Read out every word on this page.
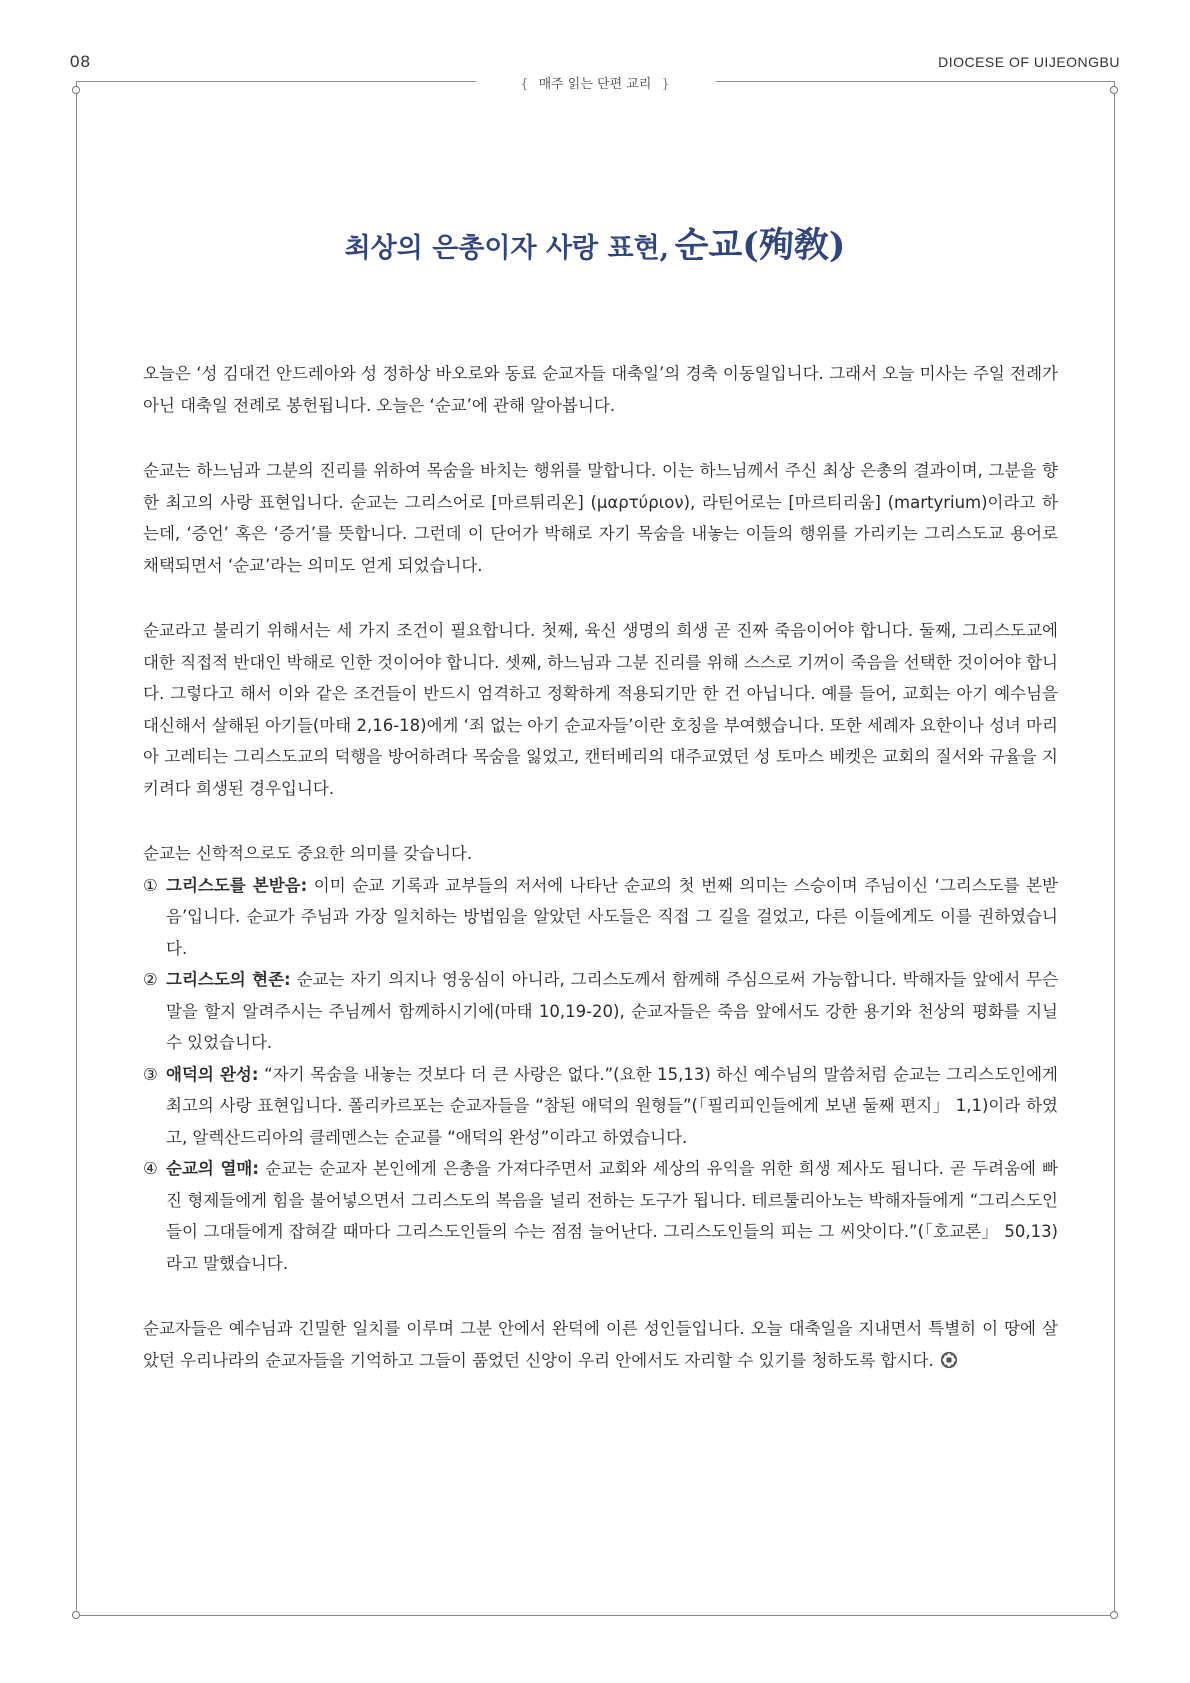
08	DIOCESE OF UIJEONGBU
{ 매주 읽는 단편 교리 }
최상의 은총이자 사랑 표현, 순교(殉敎)

오늘은 ‘성 김대건 안드레아와 성 정하상 바오로와 동료 순교자들 대축일’의 경축 이동일입니다. 그래서 오늘 미사는 주일 전례가 아닌 대축일 전례로 봉헌됩니다. 오늘은 ‘순교’에 관해 알아봅니다.

순교는 하느님과 그분의 진리를 위하여 목숨을 바치는 행위를 말합니다. 이는 하느님께서 주신 최상 은총의 결과이며, 그분을 향한 최고의 사랑 표현입니다. 순교는 그리스어로 [마르튀리온] (μαρτύριον), 라틴어로는 [마르티리움] (martyrium)이라고 하는데, ‘증언’ 혹은 ‘증거’를 뜻합니다. 그런데 이 단어가 박해로 자기 목숨을 내놓는 이들의 행위를 가리키는 그리스도교 용어로 채택되면서 ‘순교’라는 의미도 얻게 되었습니다.

순교라고 불리기 위해서는 세 가지 조건이 필요합니다. 첫째, 육신 생명의 희생 곧 진짜 죽음이어야 합니다. 둘째, 그리스도교에 대한 직접적 반대인 박해로 인한 것이어야 합니다. 셋째, 하느님과 그분 진리를 위해 스스로 기꺼이 죽음을 선택한 것이어야 합니다. 그렇다고 해서 이와 같은 조건들이 반드시 엄격하고 정확하게 적용되기만 한 건 아닙니다. 예를 들어, 교회는 아기 예수님을 대신해서 살해된 아기들(마태 2,16-18)에게 ‘죄 없는 아기 순교자들’이란 호칭을 부여했습니다. 또한 세례자 요한이나 성녀 마리아 고레티는 그리스도교의 덕행을 방어하려다 목숨을 잃었고, 캔터베리의 대주교였던 성 토마스 베켓은 교회의 질서와 규율을 지키려다 희생된 경우입니다.

순교는 신학적으로도 중요한 의미를 갖습니다.

① 그리스도를 본받음: 이미 순교 기록과 교부들의 저서에 나타난 순교의 첫 번째 의미는 스승이며 주님이신 ‘그리스도를 본받음’입니다. 순교가 주님과 가장 일치하는 방법임을 알았던 사도들은 직접 그 길을 걸었고, 다른 이들에게도 이를 권하였습니다.
② 그리스도의 현존: 순교는 자기 의지나 영웅심이 아니라, 그리스도께서 함께해 주심으로써 가능합니다. 박해자들 앞에서 무슨 말을 할지 알려주시는 주님께서 함께하시기에(마태 10,19-20), 순교자들은 죽음 앞에서도 강한 용기와 천상의 평화를 지닐 수 있었습니다.
③ 애덕의 완성: “자기 목숨을 내놓는 것보다 더 큰 사랑은 없다.”(요한 15,13) 하신 예수님의 말씀처럼 순교는 그리스도인에게 최고의 사랑 표현입니다. 폴리카르포는 순교자들을 “참된 애덕의 원형들”(「필리피인들에게 보낸 둘째 편지」 1,1)이라 하였고, 알렉산드리아의 클레멘스는 순교를 “애덕의 완성”이라고 하였습니다.
④ 순교의 열매: 순교는 순교자 본인에게 은총을 가져다주면서 교회와 세상의 유익을 위한 희생 제사도 됩니다. 곧 두려움에 빠진 형제들에게 힘을 불어넣으면서 그리스도의 복음을 널리 전하는 도구가 됩니다. 테르툴리아노는 박해자들에게 “그리스도인들이 그대들에게 잡혀갈 때마다 그리스도인들의 수는 점점 늘어난다. 그리스도인들의 피는 그 씨앗이다.”(「호교론」 50,13)라고 말했습니다.

순교자들은 예수님과 긴밀한 일치를 이루며 그분 안에서 완덕에 이른 성인들입니다. 오늘 대축일을 지내면서 특별히 이 땅에 살았던 우리나라의 순교자들을 기억하고 그들이 품었던 신앙이 우리 안에서도 자리할 수 있기를 청하도록 합시다.
